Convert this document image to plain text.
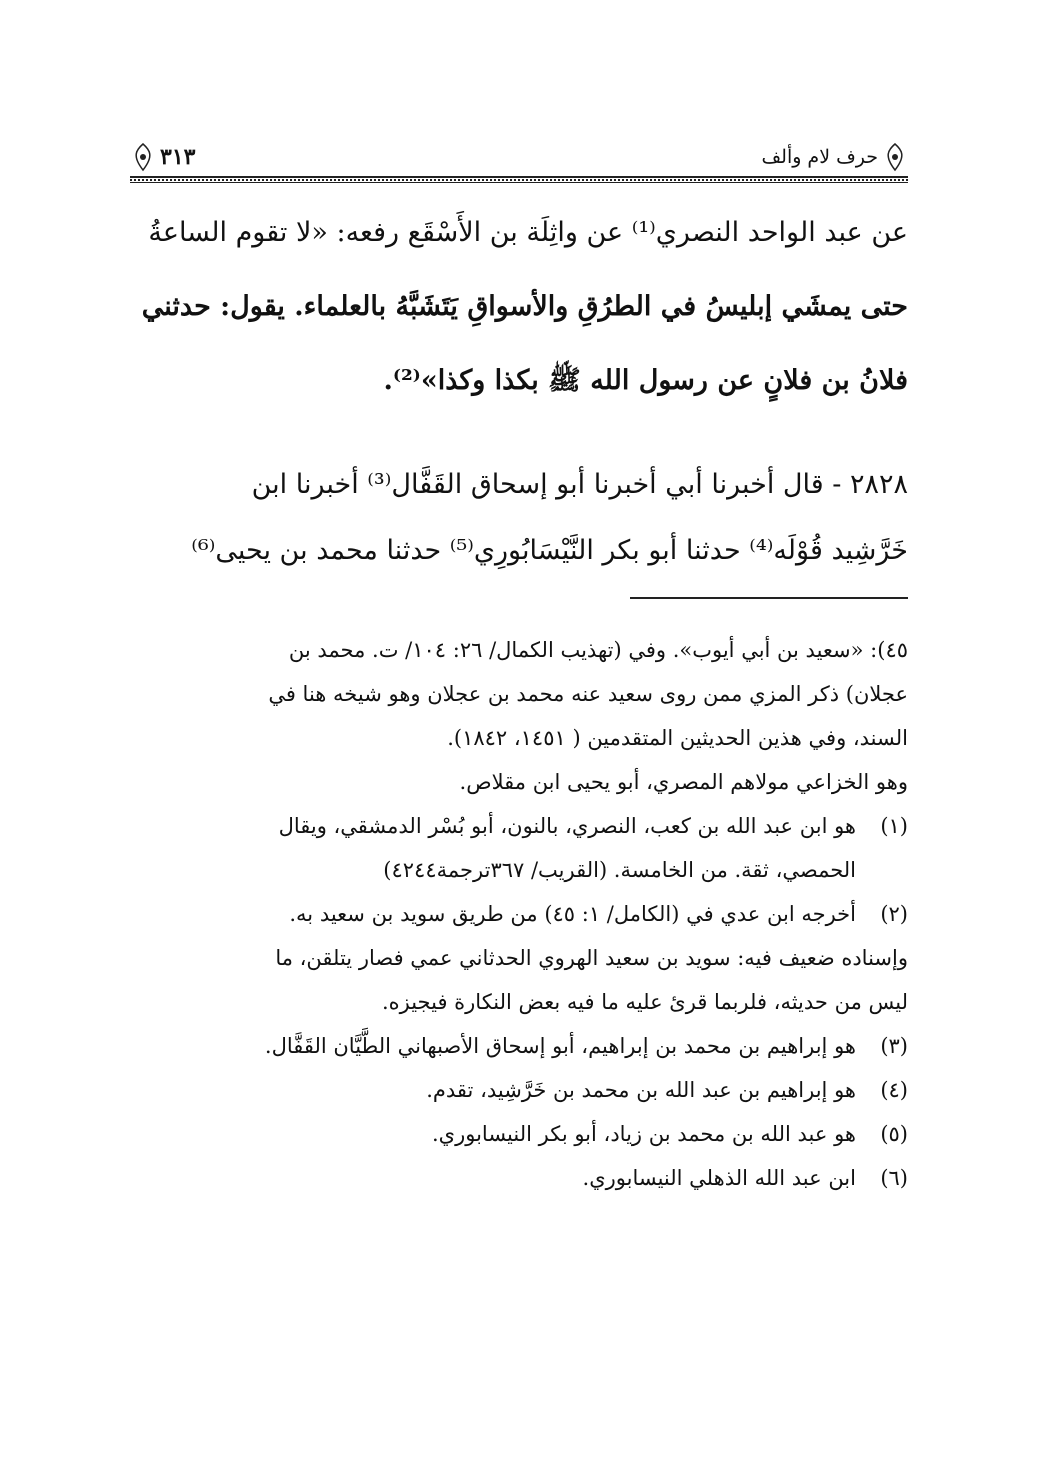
حرف لام وألف
٣١٣
عن عبد الواحد النصري⁽¹⁾ عن واثِلَة بن الأَسْقَع رفعه: «لا تقوم الساعةُ
حتى يمشَي إبليسُ في الطرُقِ والأسواقِ يَتَشَبَّهُ بالعلماء. يقول: حدثني
فلانُ بن فلانٍ عن رسول الله ﷺ بكذا وكذا»⁽²⁾.
٢٨٢٨ - قال أخبرنا أبي أخبرنا أبو إسحاق القَفَّال⁽³⁾ أخبرنا ابن
خَرَّشِيد قُوْلَه⁽⁴⁾ حدثنا أبو بكر النَّيْسَابُورِي⁽⁵⁾ حدثنا محمد بن يحيى⁽⁶⁾
٤٥): «سعيد بن أبي أيوب». وفي (تهذيب الكمال/ ٢٦: ١٠٤/ ت. محمد بن
عجلان) ذكر المزي ممن روى سعيد عنه محمد بن عجلان وهو شيخه هنا في
السند، وفي هذين الحديثين المتقدمين ( ١٤٥١، ١٨٤٢).
وهو الخزاعي مولاهم المصري، أبو يحيى ابن مقلاص.
(١)
هو ابن عبد الله بن كعب، النصري، بالنون، أبو بُسْر الدمشقي، ويقال
الحمصي، ثقة. من الخامسة. (القريب/ ٣٦٧ترجمة٤٢٤٤)
(٢)
أخرجه ابن عدي في (الكامل/ ١: ٤٥) من طريق سويد بن سعيد به.
وإسناده ضعيف فيه: سويد بن سعيد الهروي الحدثاني عمي فصار يتلقن، ما
ليس من حديثه، فلربما قرئ عليه ما فيه بعض النكارة فيجيزه.
(٣)
هو إبراهيم بن محمد بن إبراهيم، أبو إسحاق الأصبهاني الطَّيَّان القَفَّال.
(٤)
هو إبراهيم بن عبد الله بن محمد بن خَرَّشِيد، تقدم.
(٥)
هو عبد الله بن محمد بن زياد، أبو بكر النيسابوري.
(٦)
ابن عبد الله الذهلي النيسابوري.
